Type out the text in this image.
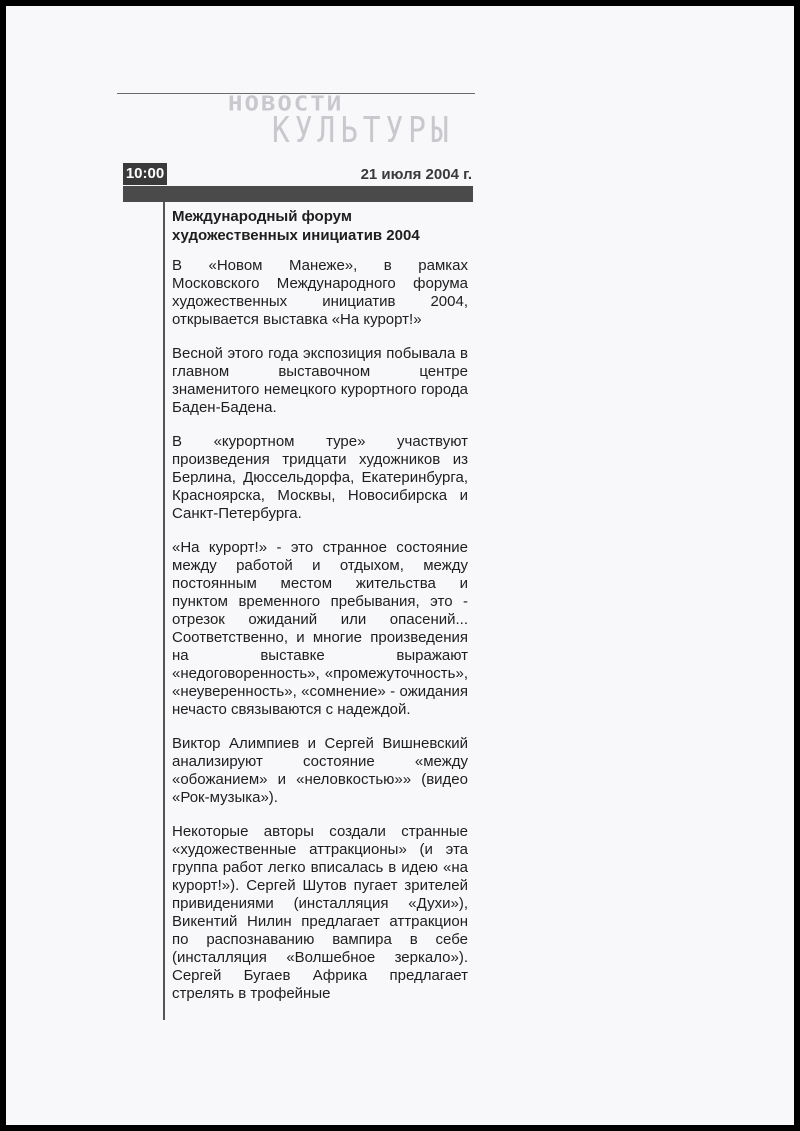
НОВОСТИ
КУЛЬТУРЫ
10:00	21 июля 2004 г.
Международный форум художественных инициатив 2004

В «Новом Манеже», в рамках Московского Международного форума художественных инициатив 2004, открывается выставка «На курорт!»

Весной этого года экспозиция побывала в главном выставочном центре знаменитого немецкого курортного города Баден-Бадена.

В «курортном туре» участвуют произведения тридцати художников из Берлина, Дюссельдорфа, Екатеринбурга, Красноярска, Москвы, Новосибирска и Санкт-Петербурга.

«На курорт!» - это странное состояние между работой и отдыхом, между постоянным местом жительства и пунктом временного пребывания, это - отрезок ожиданий или опасений... Соответственно, и многие произведения на выставке выражают «недоговоренность», «промежуточность», «неуверенность», «сомнение» - ожидания нечасто связываются с надеждой.

Виктор Алимпиев и Сергей Вишневский анализируют состояние «между «обожанием» и «неловкостью»» (видео «Рок-музыка»).

Некоторые авторы создали странные «художественные аттракционы» (и эта группа работ легко вписалась в идею «на курорт!»). Сергей Шутов пугает зрителей привидениями (инсталляция «Духи»), Викентий Нилин предлагает аттракцион по распознаванию вампира в себе (инсталляция «Волшебное зеркало»). Сергей Бугаев Африка предлагает стрелять в трофейные
